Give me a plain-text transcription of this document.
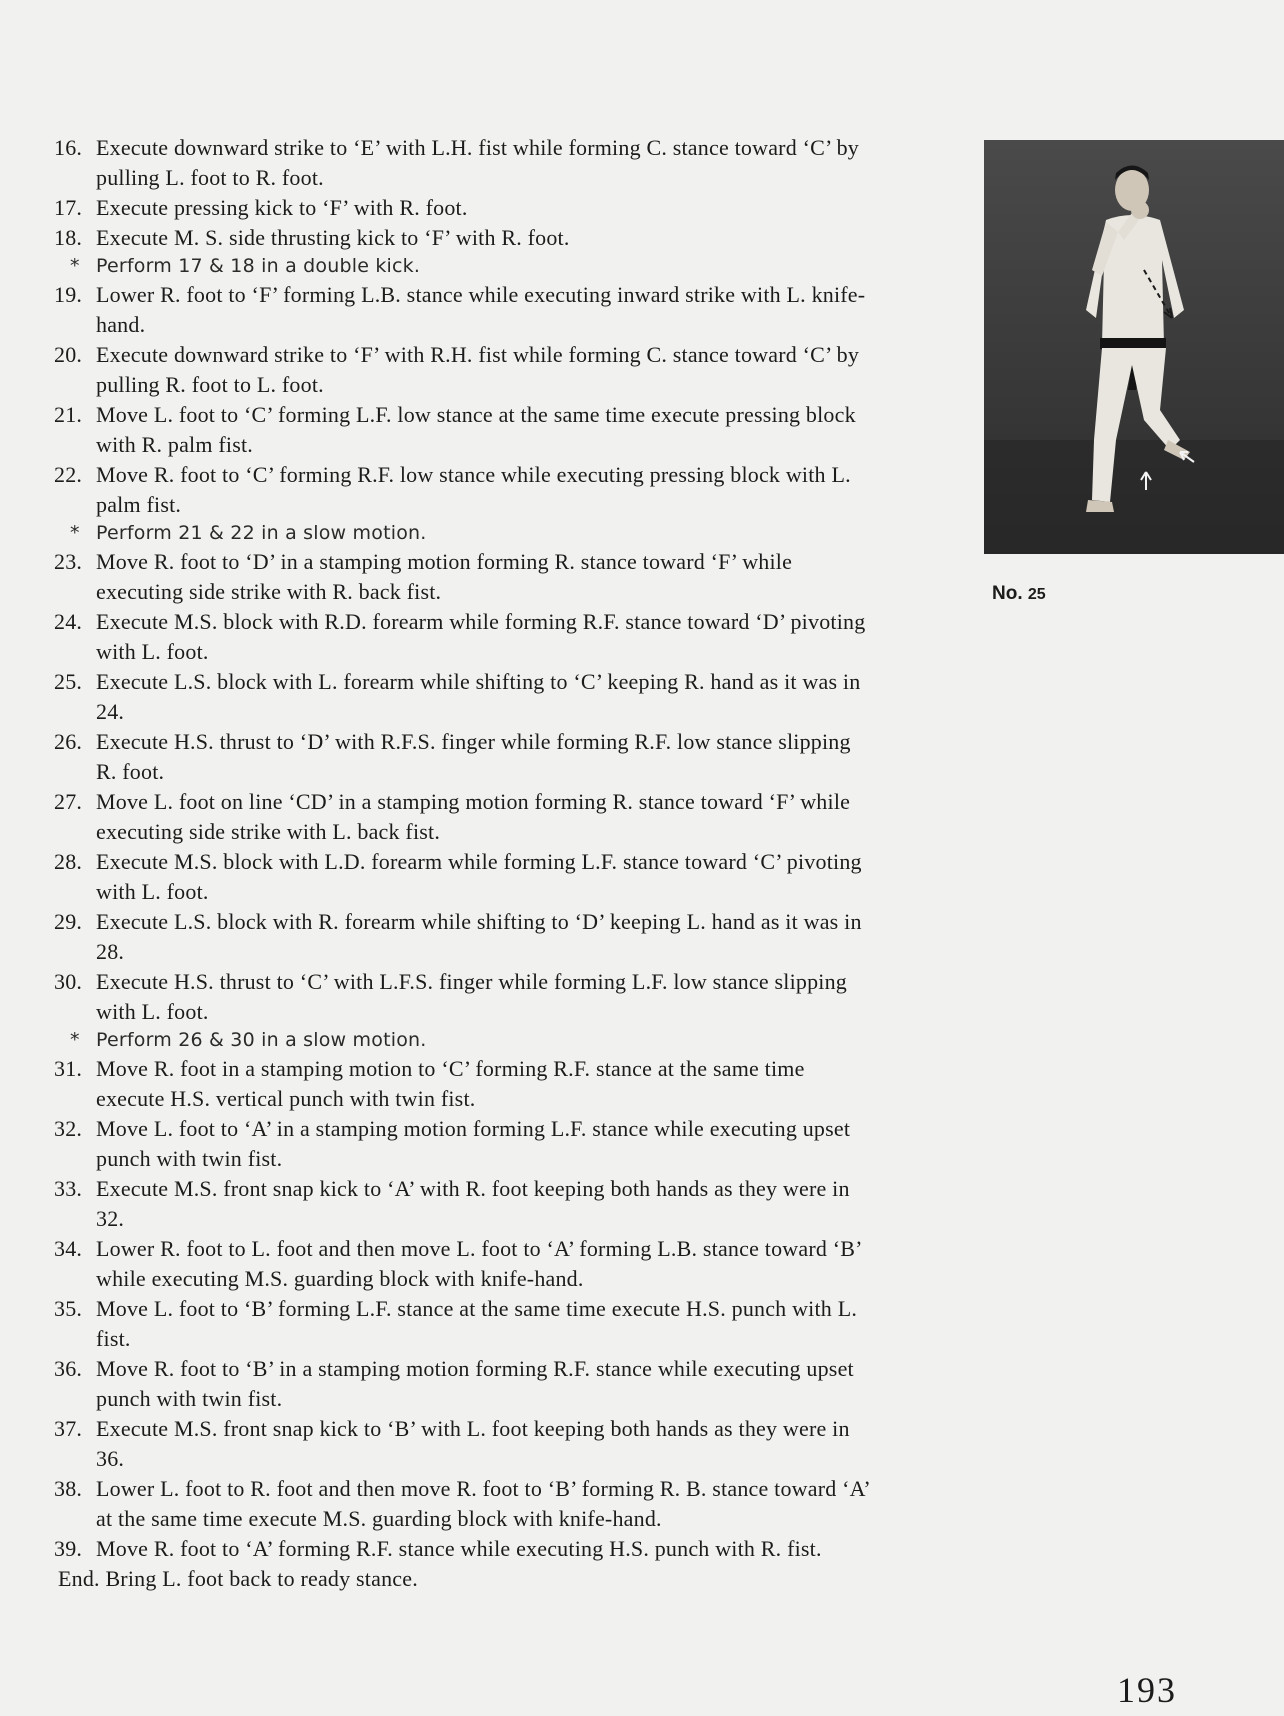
16. Execute downward strike to ‘E’ with L.H. fist while forming C. stance toward ‘C’ by pulling L. foot to R. foot.
17. Execute pressing kick to ‘F’ with R. foot.
18. Execute M. S. side thrusting kick to ‘F’ with R. foot.
* Perform 17 & 18 in a double kick.
19. Lower R. foot to ‘F’ forming L.B. stance while executing inward strike with L. knife-hand.
20. Execute downward strike to ‘F’ with R.H. fist while forming C. stance toward ‘C’ by pulling R. foot to L. foot.
21. Move L. foot to ‘C’ forming L.F. low stance at the same time execute pressing block with R. palm fist.
22. Move R. foot to ‘C’ forming R.F. low stance while executing pressing block with L. palm fist.
* Perform 21 & 22 in a slow motion.
23. Move R. foot to ‘D’ in a stamping motion forming R. stance toward ‘F’ while executing side strike with R. back fist.
24. Execute M.S. block with R.D. forearm while forming R.F. stance toward ‘D’ pivoting with L. foot.
25. Execute L.S. block with L. forearm while shifting to ‘C’ keeping R. hand as it was in 24.
26. Execute H.S. thrust to ‘D’ with R.F.S. finger while forming R.F. low stance slipping R. foot.
27. Move L. foot on line ‘CD’ in a stamping motion forming R. stance toward ‘F’ while executing side strike with L. back fist.
28. Execute M.S. block with L.D. forearm while forming L.F. stance toward ‘C’ pivoting with L. foot.
29. Execute L.S. block with R. forearm while shifting to ‘D’ keeping L. hand as it was in 28.
30. Execute H.S. thrust to ‘C’ with L.F.S. finger while forming L.F. low stance slipping with L. foot.
* Perform 26 & 30 in a slow motion.
31. Move R. foot in a stamping motion to ‘C’ forming R.F. stance at the same time execute H.S. vertical punch with twin fist.
32. Move L. foot to ‘A’ in a stamping motion forming L.F. stance while executing upset punch with twin fist.
33. Execute M.S. front snap kick to ‘A’ with R. foot keeping both hands as they were in 32.
34. Lower R. foot to L. foot and then move L. foot to ‘A’ forming L.B. stance toward ‘B’ while executing M.S. guarding block with knife-hand.
35. Move L. foot to ‘B’ forming L.F. stance at the same time execute H.S. punch with L. fist.
36. Move R. foot to ‘B’ in a stamping motion forming R.F. stance while executing upset punch with twin fist.
37. Execute M.S. front snap kick to ‘B’ with L. foot keeping both hands as they were in 36.
38. Lower L. foot to R. foot and then move R. foot to ‘B’ forming R. B. stance toward ‘A’ at the same time execute M.S. guarding block with knife-hand.
39. Move R. foot to ‘A’ forming R.F. stance while executing H.S. punch with R. fist.
End. Bring L. foot back to ready stance.
No. 25
193
